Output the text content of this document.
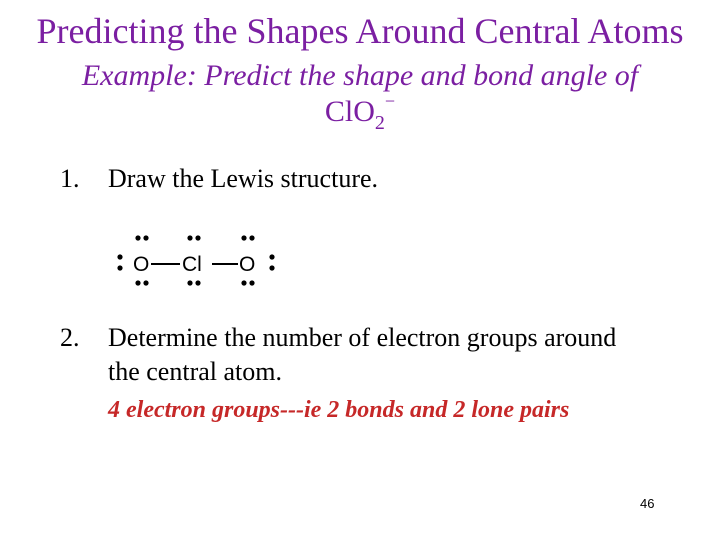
Predicting the Shapes Around Central Atoms
Example: Predict the shape and bond angle of
ClO$_2$−
1. Draw the Lewis structure.
O Cl O
2. Determine the number of electron groups around
the central atom.
4 electron groups---ie 2 bonds and 2 lone pairs
46
